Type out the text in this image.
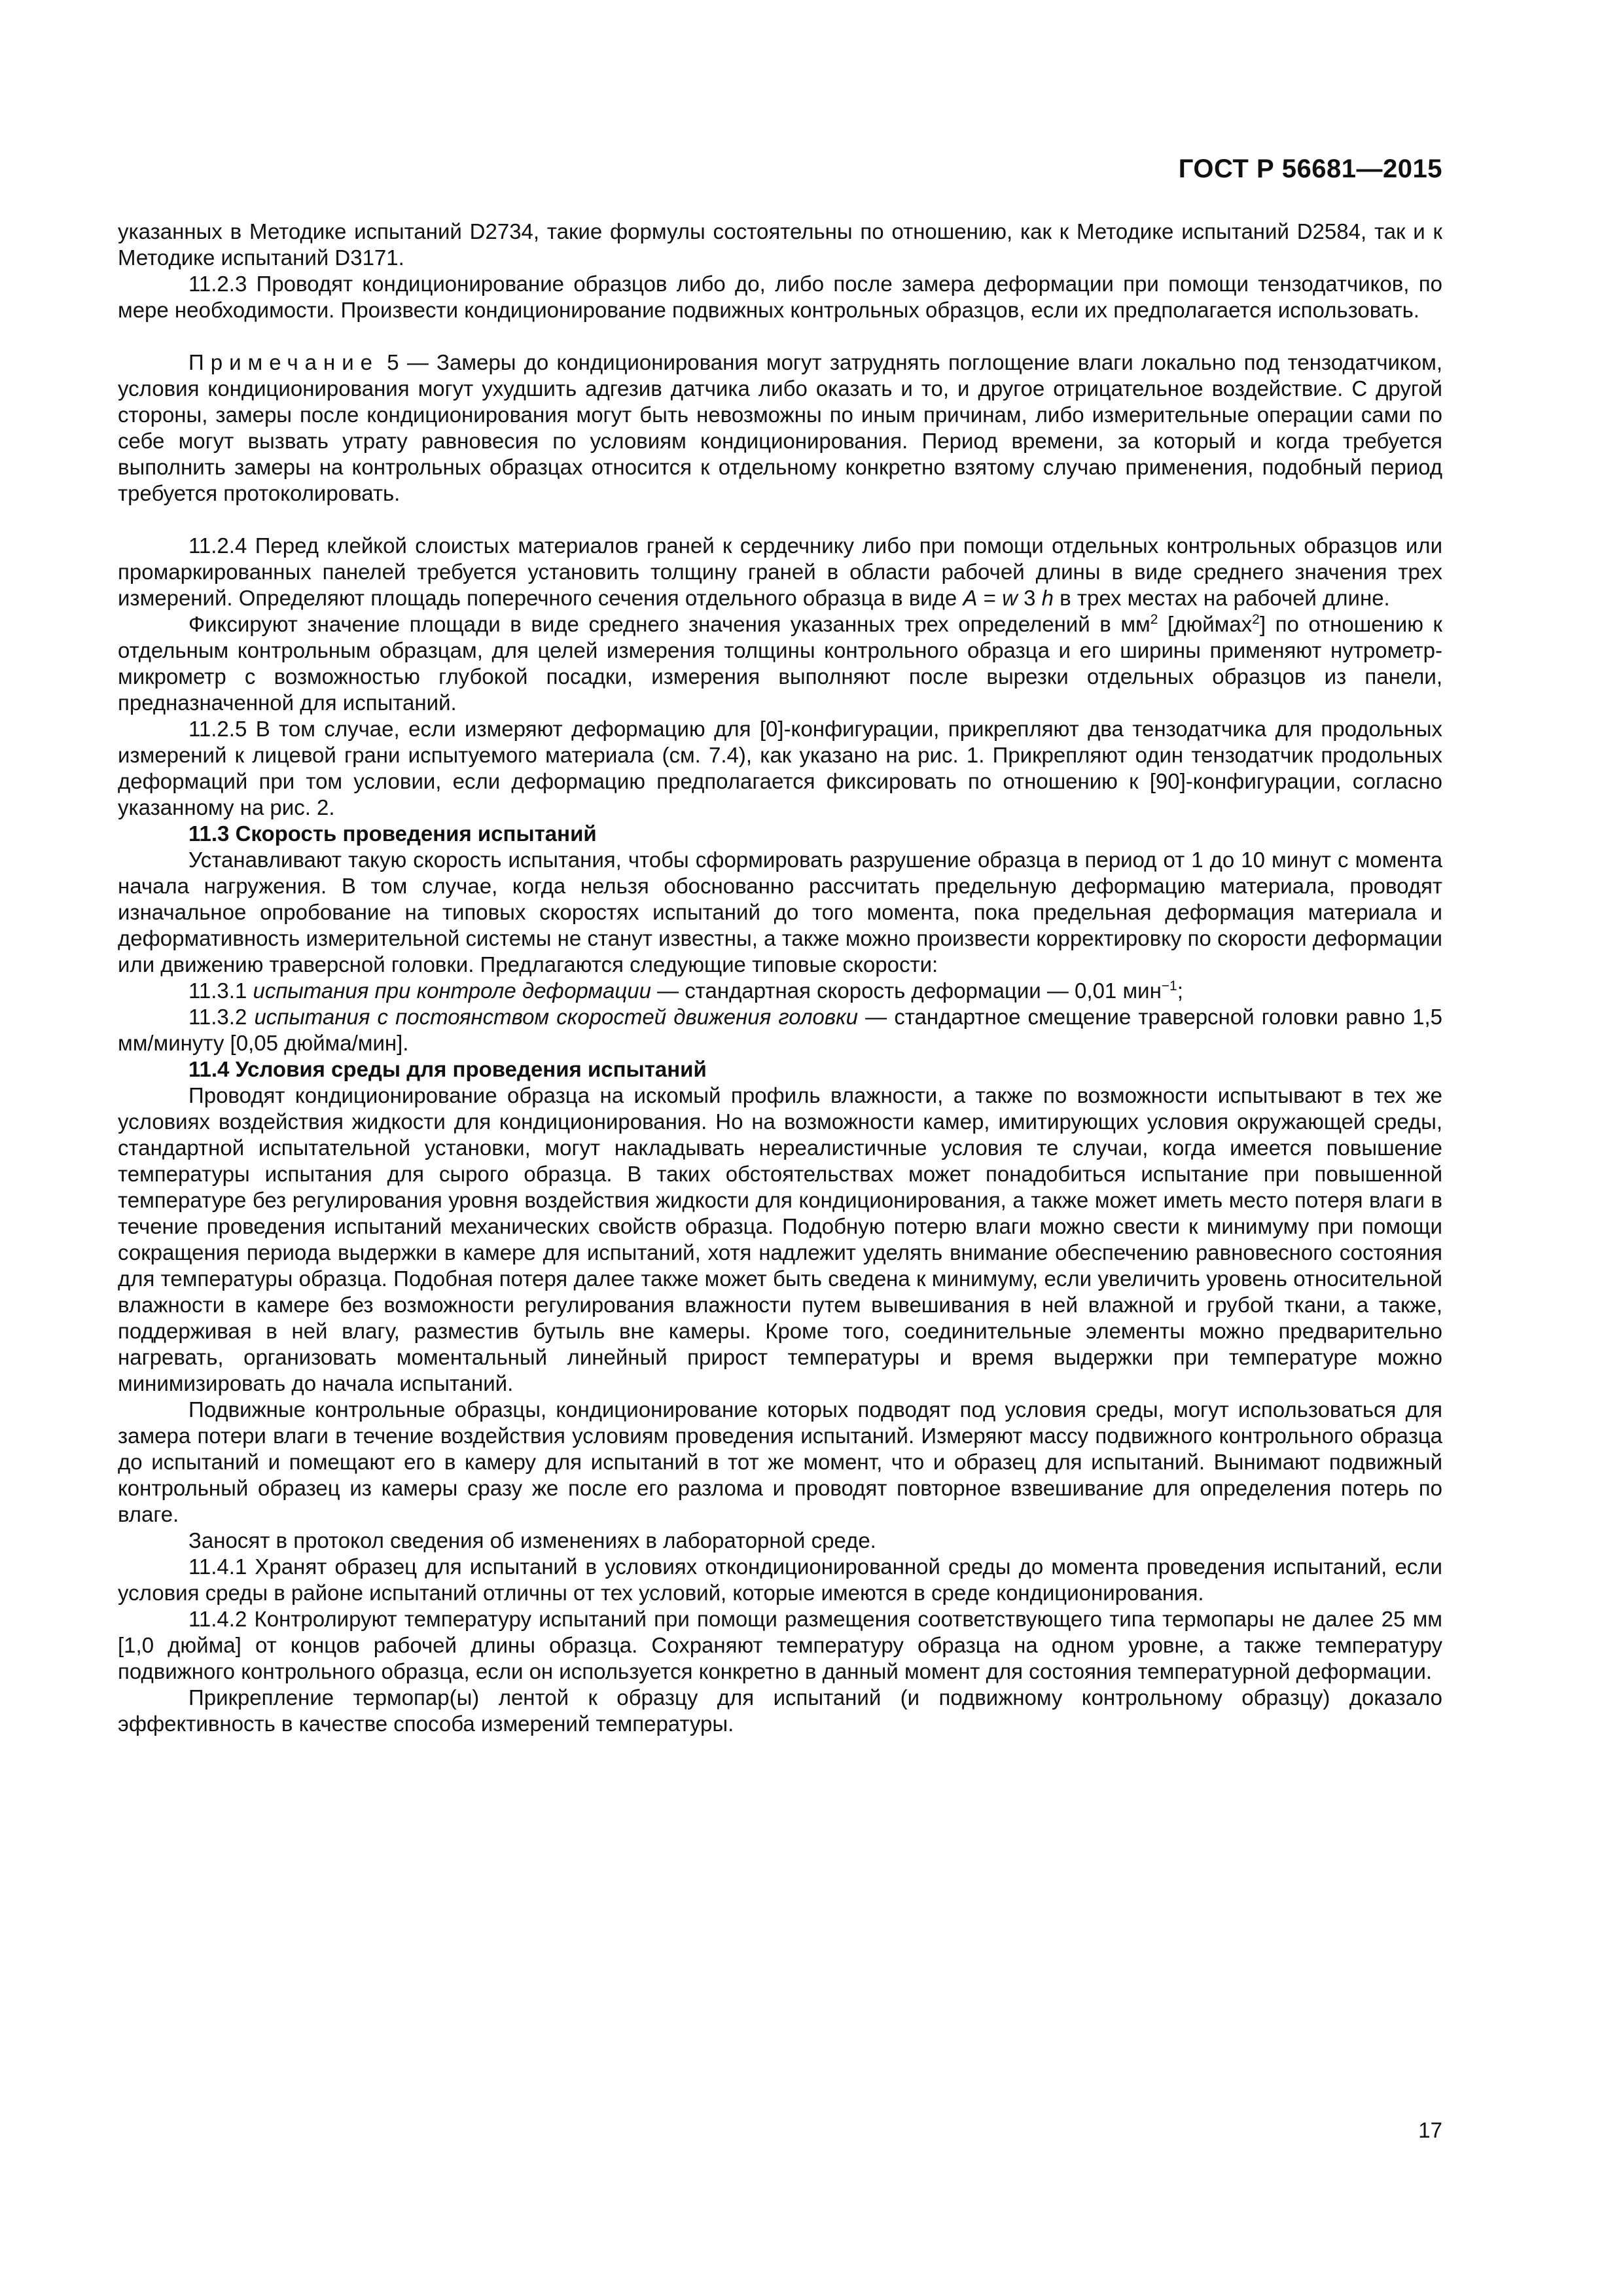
ГОСТ Р 56681—2015

указанных в Методике испытаний D2734, такие формулы состоятельны по отношению, как к Методике испытаний D2584, так и к Методике испытаний D3171.

11.2.3 Проводят кондиционирование образцов либо до, либо после замера деформации при помощи тензодатчиков, по мере необходимости. Произвести кондиционирование подвижных контрольных образцов, если их предполагается использовать.

Примечание 5 — Замеры до кондиционирования могут затруднять поглощение влаги локально под тензодатчиком, условия кондиционирования могут ухудшить адгезив датчика либо оказать и то, и другое отрицательное воздействие. С другой стороны, замеры после кондиционирования могут быть невозможны по иным причинам, либо измерительные операции сами по себе могут вызвать утрату равновесия по условиям кондиционирования. Период времени, за который и когда требуется выполнить замеры на контрольных образцах относится к отдельному конкретно взятому случаю применения, подобный период требуется протоколировать.

11.2.4 Перед клейкой слоистых материалов граней к сердечнику либо при помощи отдельных контрольных образцов или промаркированных панелей требуется установить толщину граней в области рабочей длины в виде среднего значения трех измерений. Определяют площадь поперечного сечения отдельного образца в виде A = w 3 h в трех местах на рабочей длине.

Фиксируют значение площади в виде среднего значения указанных трех определений в $мм^2$ [дюймах$^2$] по отношению к отдельным контрольным образцам, для целей измерения толщины контрольного образца и его ширины применяют нутрометр-микрометр с возможностью глубокой посадки, измерения выполняют после вырезки отдельных образцов из панели, предназначенной для испытаний.

11.2.5 В том случае, если измеряют деформацию для [0]-конфигурации, прикрепляют два тензодатчика для продольных измерений к лицевой грани испытуемого материала (см. 7.4), как указано на рис. 1. Прикрепляют один тензодатчик продольных деформаций при том условии, если деформацию предполагается фиксировать по отношению к [90]-конфигурации, согласно указанному на рис. 2.

11.3 Скорость проведения испытаний

Устанавливают такую скорость испытания, чтобы сформировать разрушение образца в период от 1 до 10 минут с момента начала нагружения. В том случае, когда нельзя обоснованно рассчитать предельную деформацию материала, проводят изначальное опробование на типовых скоростях испытаний до того момента, пока предельная деформация материала и деформативность измерительной системы не станут известны, а также можно произвести корректировку по скорости деформации или движению траверсной головки. Предлагаются следующие типовые скорости:

11.3.1 испытания при контроле деформации — стандартная скорость деформации — 0,01 мин$^{-1}$;

11.3.2 испытания с постоянством скоростей движения головки — стандартное смещение траверсной головки равно 1,5 мм/минуту [0,05 дюйма/мин].

11.4 Условия среды для проведения испытаний

Проводят кондиционирование образца на искомый профиль влажности, а также по возможности испытывают в тех же условиях воздействия жидкости для кондиционирования. Но на возможности камер, имитирующих условия окружающей среды, стандартной испытательной установки, могут накладывать нереалистичные условия те случаи, когда имеется повышение температуры испытания для сырого образца. В таких обстоятельствах может понадобиться испытание при повышенной температуре без регулирования уровня воздействия жидкости для кондиционирования, а также может иметь место потеря влаги в течение проведения испытаний механических свойств образца. Подобную потерю влаги можно свести к минимуму при помощи сокращения периода выдержки в камере для испытаний, хотя надлежит уделять внимание обеспечению равновесного состояния для температуры образца. Подобная потеря далее также может быть сведена к минимуму, если увеличить уровень относительной влажности в камере без возможности регулирования влажности путем вывешивания в ней влажной и грубой ткани, а также, поддерживая в ней влагу, разместив бутыль вне камеры. Кроме того, соединительные элементы можно предварительно нагревать, организовать моментальный линейный прирост температуры и время выдержки при температуре можно минимизировать до начала испытаний.

Подвижные контрольные образцы, кондиционирование которых подводят под условия среды, могут использоваться для замера потери влаги в течение воздействия условиям проведения испытаний. Измеряют массу подвижного контрольного образца до испытаний и помещают его в камеру для испытаний в тот же момент, что и образец для испытаний. Вынимают подвижный контрольный образец из камеры сразу же после его разлома и проводят повторное взвешивание для определения потерь по влаге.

Заносят в протокол сведения об изменениях в лабораторной среде.

11.4.1 Хранят образец для испытаний в условиях откондиционированной среды до момента проведения испытаний, если условия среды в районе испытаний отличны от тех условий, которые имеются в среде кондиционирования.

11.4.2 Контролируют температуру испытаний при помощи размещения соответствующего типа термопары не далее 25 мм [1,0 дюйма] от концов рабочей длины образца. Сохраняют температуру образца на одном уровне, а также температуру подвижного контрольного образца, если он используется конкретно в данный момент для состояния температурной деформации.

Прикрепление термопар(ы) лентой к образцу для испытаний (и подвижному контрольному образцу) доказало эффективность в качестве способа измерений температуры.

17
